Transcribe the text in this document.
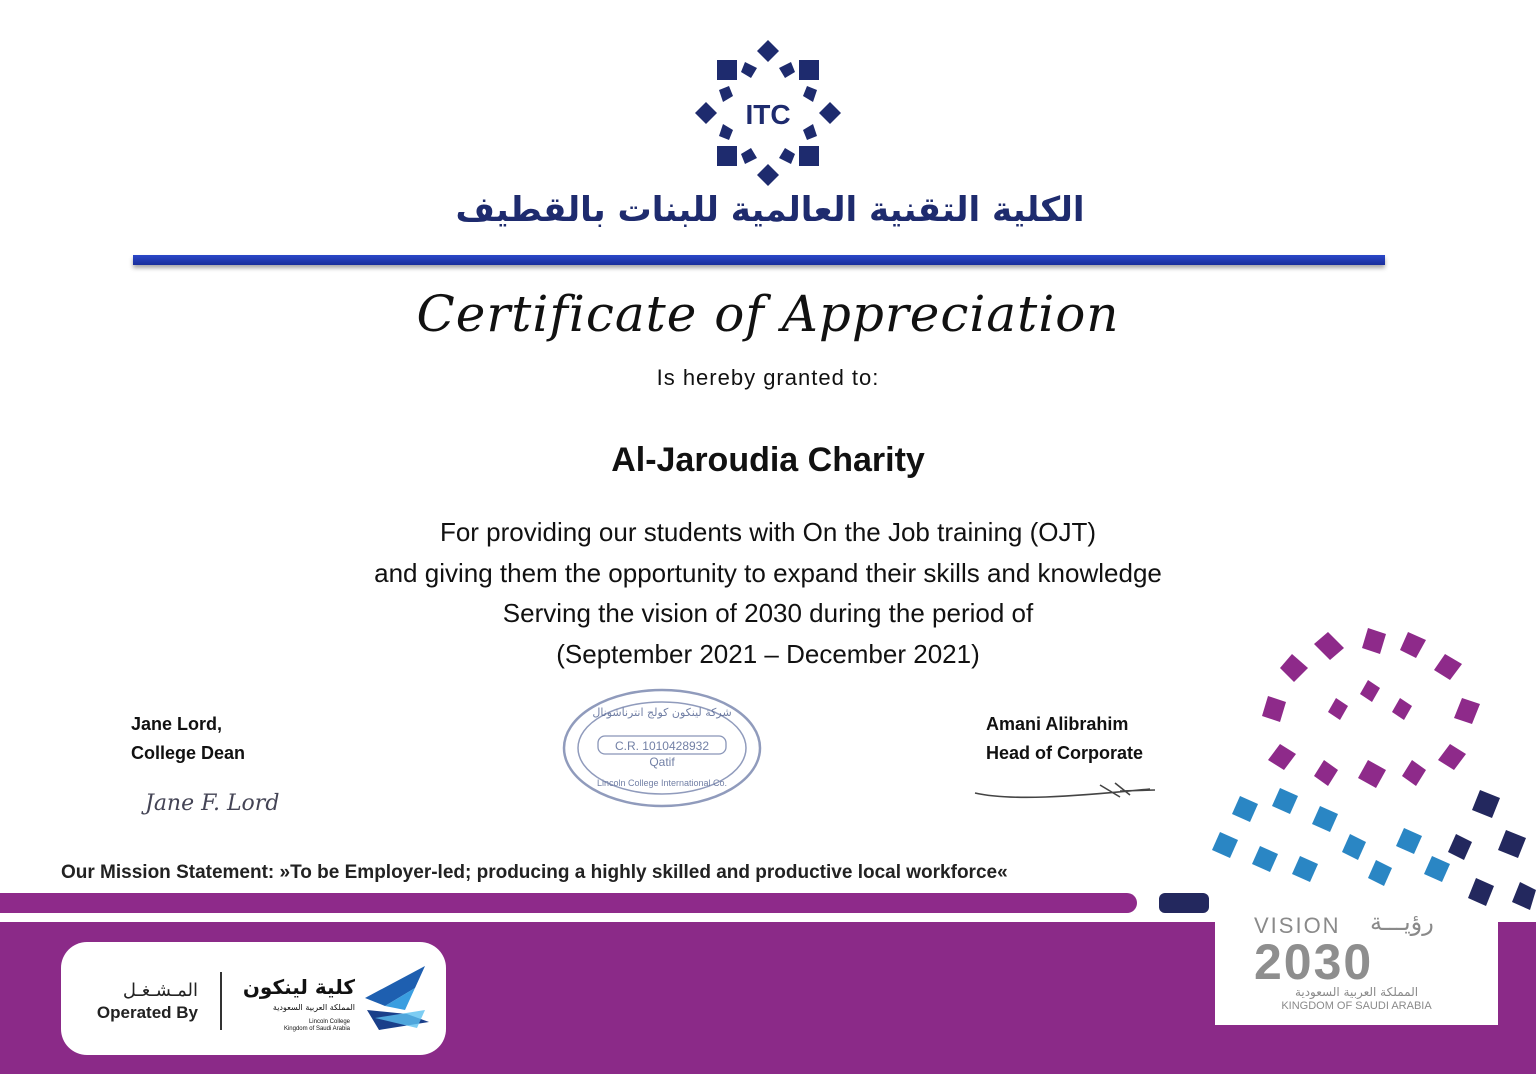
ITC
الكلية التقنية العالمية للبنات بالقطيف
Certificate of Appreciation
Is hereby granted to:
Al-Jaroudia Charity
For providing our students with On the Job training (OJT)
and giving them the opportunity to expand their skills and knowledge
Serving the vision of 2030 during the period of
(September 2021 – December 2021)
Jane Lord,
College Dean
Jane F. Lord
Amani Alibrahim
Head of Corporate
شركة لينكون كولج انترناشونال
C.R. 1010428932
Qatif
Lincoln College International Co.
Our Mission Statement: »To be Employer-led; producing a highly skilled and productive local workforce«
المـشـغـل
Operated By
كلية لينكون
المملكة العربية السعودية
Lincoln College
Kingdom of Saudi Arabia
VISION رؤيـــة
2030
المملكة العربية السعودية
KINGDOM OF SAUDI ARABIA
